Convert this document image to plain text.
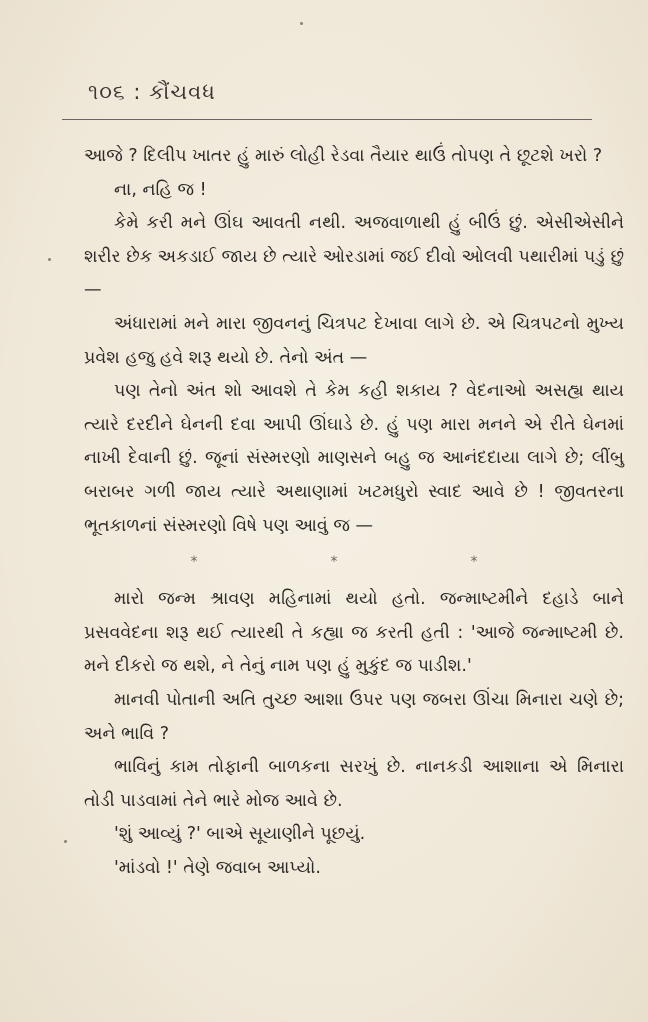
૧૦૬ : કૌંચવધ

આજે ? દિલીપ ખાતર હું મારું લોહી રેડવા તૈયાર થાઉં તોપણ તે છૂટશે ખરો ?

ના, નહિ જ !

કેમે કરી મને ઊંઘ આવતી નથી. અજવાળાથી હું બીઉં છું. એસીએસીને શરીર છેક અકડાઈ જાય છે ત્યારે ઓરડામાં જઈ દીવો ઓલવી પથારીમાં પડું છું —

અંધારામાં મને મારા જીવનનું ચિત્રપટ દેખાવા લાગે છે. એ ચિત્રપટનો મુખ્ય પ્રવેશ હજુ હવે શરૂ થયો છે. તેનો અંત —

પણ તેનો અંત શો આવશે તે કેમ કહી શકાય ? વેદનાઓ અસહ્ય થાય ત્યારે દરદીને ઘેનની દવા આપી ઊંઘાડે છે. હું પણ મારા મનને એ રીતે ઘેનમાં નાખી દેવાની છું. જૂનાં સંસ્મરણો માણસને બહુ જ આનંદદાયા લાગે છે; લીંબુ બરાબર ગળી જાય ત્યારે અથાણામાં ખટમધુરો સ્વાદ આવે છે ! જીવતરના ભૂતકાળનાં સંસ્મરણો વિષે પણ આવું જ —

*	*	*

મારો જન્મ શ્રાવણ મહિનામાં થયો હતો. જન્માષ્ટમીને દહાડે બાને પ્રસવવેદના શરૂ થઈ ત્યારથી તે કહ્યા જ કરતી હતી : 'આજે જન્માષ્ટમી છે. મને દીકરો જ થશે, ને તેનું નામ પણ હું મુકુંદ જ પાડીશ.'

માનવી પોતાની અતિ તુચ્છ આશા ઉપર પણ જબરા ઊંચા મિનારા ચણે છે; અને ભાવિ ?

ભાવિનું કામ તોફાની બાળકના સરખું છે. નાનકડી આશાના એ મિનારા તોડી પાડવામાં તેને ભારે મોજ આવે છે.

'શું આવ્યું ?' બાએ સૂયાણીને પૂછયું.

'માંડવો !' તેણે જવાબ આપ્યો.
